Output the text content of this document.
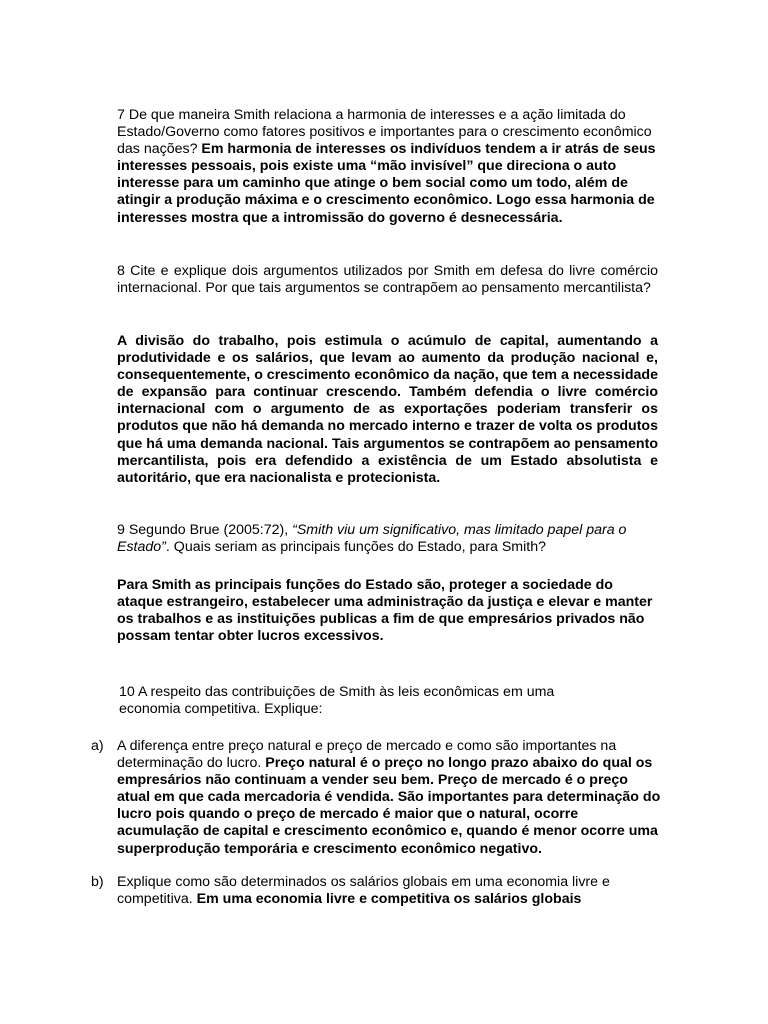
7 De que maneira Smith relaciona a harmonia de interesses e a ação limitada do Estado/Governo como fatores positivos e importantes para o crescimento econômico das nações? Em harmonia de interesses os indivíduos tendem a ir atrás de seus interesses pessoais, pois existe uma “mão invisível” que direciona o auto interesse para um caminho que atinge o bem social como um todo, além de atingir a produção máxima e o crescimento econômico. Logo essa harmonia de interesses mostra que a intromissão do governo é desnecessária.

8 Cite e explique dois argumentos utilizados por Smith em defesa do livre comércio internacional. Por que tais argumentos se contrapõem ao pensamento mercantilista?

A divisão do trabalho, pois estimula o acúmulo de capital, aumentando a produtividade e os salários, que levam ao aumento da produção nacional e, consequentemente, o crescimento econômico da nação, que tem a necessidade de expansão para continuar crescendo. Também defendia o livre comércio internacional com o argumento de as exportações poderiam transferir os produtos que não há demanda no mercado interno e trazer de volta os produtos que há uma demanda nacional. Tais argumentos se contrapõem ao pensamento mercantilista, pois era defendido a existência de um Estado absolutista e autoritário, que era nacionalista e protecionista.

9 Segundo Brue (2005:72), “Smith viu um significativo, mas limitado papel para o Estado”. Quais seriam as principais funções do Estado, para Smith?

Para Smith as principais funções do Estado são, proteger a sociedade do ataque estrangeiro, estabelecer uma administração da justiça e elevar e manter os trabalhos e as instituições publicas a fim de que empresários privados não possam tentar obter lucros excessivos.

10 A respeito das contribuições de Smith às leis econômicas em uma economia competitiva. Explique:

a) A diferença entre preço natural e preço de mercado e como são importantes na determinação do lucro. Preço natural é o preço no longo prazo abaixo do qual os empresários não continuam a vender seu bem. Preço de mercado é o preço atual em que cada mercadoria é vendida. São importantes para determinação do lucro pois quando o preço de mercado é maior que o natural, ocorre acumulação de capital e crescimento econômico e, quando é menor ocorre uma superprodução temporária e crescimento econômico negativo.
b) Explique como são determinados os salários globais em uma economia livre e competitiva. Em uma economia livre e competitiva os salários globais
